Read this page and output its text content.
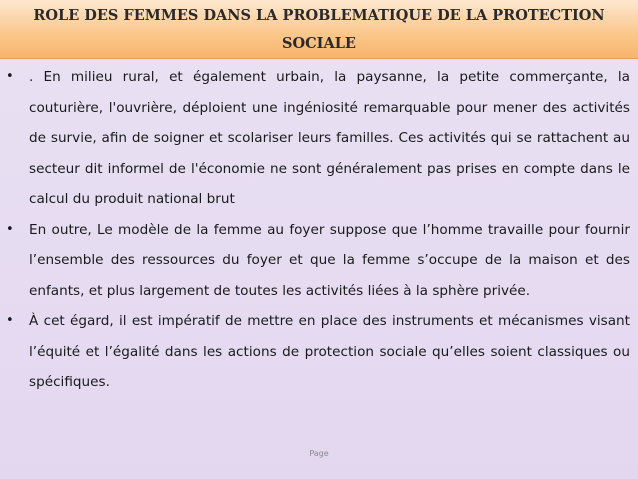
ROLE DES FEMMES DANS LA PROBLEMATIQUE DE LA PROTECTION SOCIALE
• . En milieu rural, et également urbain, la paysanne, la petite commerçante, la couturière, l'ouvrière, déploient une ingéniosité remarquable pour mener des activités de survie, afin de soigner et scolariser leurs familles. Ces activités qui se rattachent au secteur dit informel de l'économie ne sont généralement pas prises en compte dans le calcul du produit national brut
• En outre, Le modèle de la femme au foyer suppose que l’homme travaille pour fournir l’ensemble des ressources du foyer et que la femme s’occupe de la maison et des enfants, et plus largement de toutes les activités liées à la sphère privée.
• À cet égard, il est impératif de mettre en place des instruments et mécanismes visant l’équité et l’égalité dans les actions de protection sociale qu’elles soient classiques ou spécifiques.
Page
